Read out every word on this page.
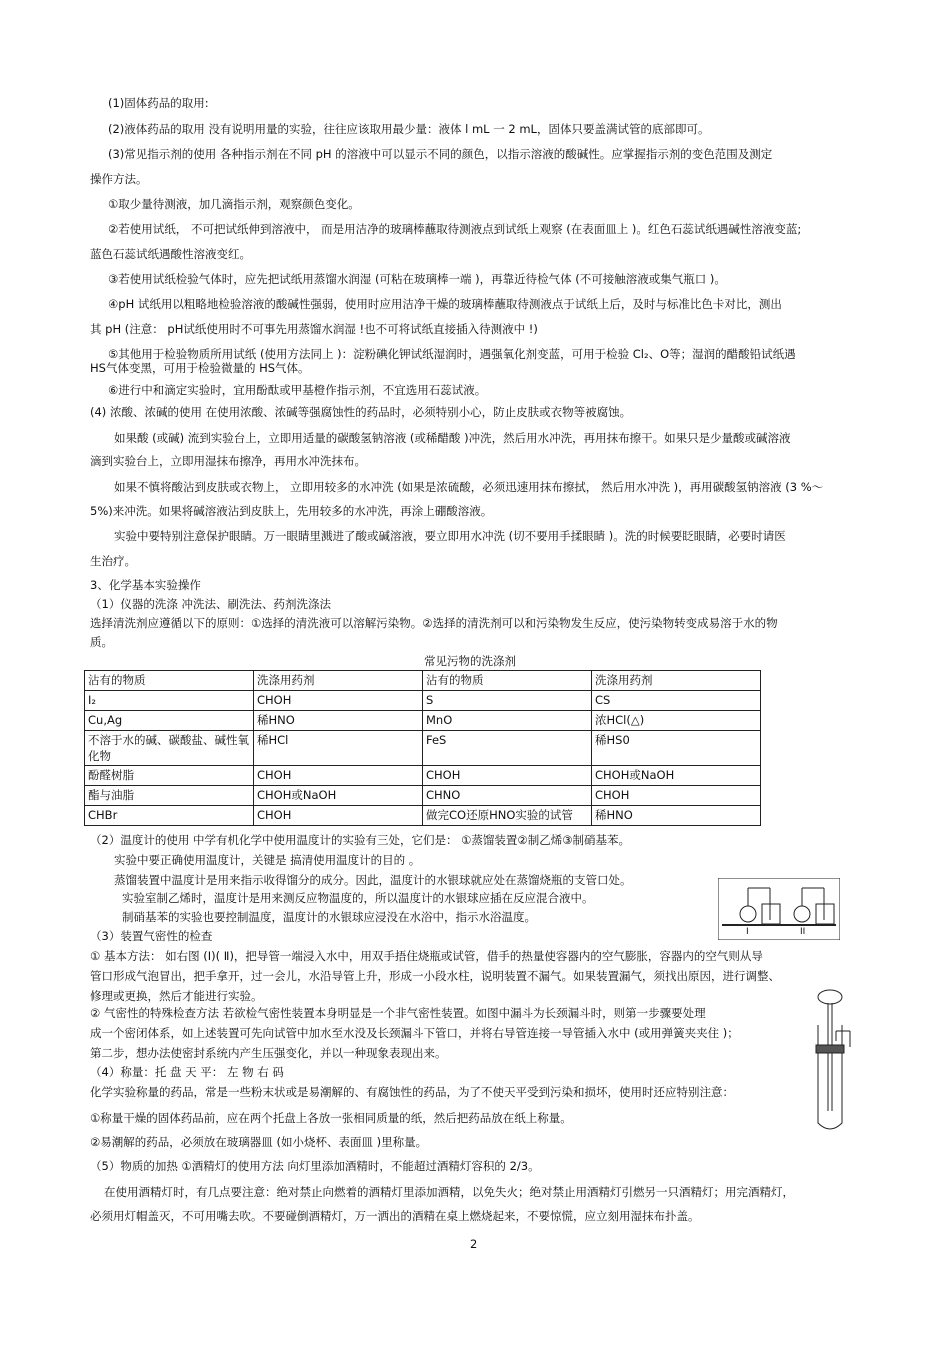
(1)固体药品的取用:
(2)液体药品的取用 没有说明用量的实验，往往应该取用最少量：液体 l mL 一 2 mL，固体只要盖满试管的底部即可。
(3)常见指示剂的使用 各种指示剂在不同 pH 的溶液中可以显示不同的颜色，以指示溶液的酸碱性。应掌握指示剂的变色范围及测定
操作方法。
①取少量待测液，加几滴指示剂，观察颜色变化。
②若使用试纸， 不可把试纸伸到溶液中， 而是用洁净的玻璃棒蘸取待测液点到试纸上观察 (在表面皿上 )。红色石蕊试纸遇碱性溶液变蓝;
蓝色石蕊试纸遇酸性溶液变红。
③若使用试纸检验气体时，应先把试纸用蒸馏水润湿 (可粘在玻璃棒一端 )，再靠近待检气体 (不可接触溶液或集气瓶口 )。
④pH 试纸用以粗略地检验溶液的酸碱性强弱，使用时应用洁净干燥的玻璃棒蘸取待测液点于试纸上后，及时与标准比色卡对比，测出
其 pH (注意： pH试纸使用时不可事先用蒸馏水润湿 !也不可将试纸直接插入待测液中 !)
⑤其他用于检验物质所用试纸 (使用方法同上 )：淀粉碘化钾试纸湿润时，遇强氧化剂变蓝，可用于检验 Cl₂、O等；湿润的醋酸铅试纸遇
HS气体变黑，可用于检验微量的 HS气体。
⑥进行中和滴定实验时，宜用酚酞或甲基橙作指示剂，不宜选用石蕊试液。
(4) 浓酸、浓碱的使用 在使用浓酸、浓碱等强腐蚀性的药品时，必须特别小心，防止皮肤或衣物等被腐蚀。
如果酸 (或碱) 流到实验台上，立即用适量的碳酸氢钠溶液 (或稀醋酸 )冲洗，然后用水冲洗，再用抹布擦干。如果只是少量酸或碱溶液
滴到实验台上，立即用湿抹布擦净，再用水冲洗抹布。
如果不慎将酸沾到皮肤或衣物上， 立即用较多的水冲洗 (如果是浓硫酸，必须迅速用抹布擦拭， 然后用水冲洗 )，再用碳酸氢钠溶液 (3 %～
5%)来冲洗。如果将碱溶液沾到皮肤上，先用较多的水冲洗，再涂上硼酸溶液。
实验中要特别注意保护眼睛。万一眼睛里溅进了酸或碱溶液，要立即用水冲洗 (切不要用手揉眼睛 )。洗的时候要眨眼睛，必要时请医
生治疗。
3、化学基本实验操作
（1）仪器的洗涤 冲洗法、刷洗法、药剂洗涤法
选择清洗剂应遵循以下的原则：①选择的清洗液可以溶解污染物。②选择的清洗剂可以和污染物发生反应，使污染物转变成易溶于水的物
质。
常见污物的洗涤剂
沾有的物质	洗涤用药剂	沾有的物质	洗涤用药剂
I₂	CHOH	S	CS
Cu,Ag	稀HNO	MnO	浓HCl(△)
不溶于水的碱、碳酸盐、碱性氧化物	稀HCl	FeS	稀HS0
酚醛树脂	CHOH	CHOH	CHOH或NaOH
酯与油脂	CHOH或NaOH	CHNO	CHOH
CHBr	CHOH	做完CO还原HNO实验的试管	稀HNO
（2）温度计的使用 中学有机化学中使用温度计的实验有三处，它们是： ①蒸馏装置②制乙烯③制硝基苯。
实验中要正确使用温度计，关键是 搞清使用温度计的目的 。
蒸馏装置中温度计是用来指示收得馏分的成分。因此，温度计的水银球就应处在蒸馏烧瓶的支管口处。
实验室制乙烯时，温度计是用来测反应物温度的，所以温度计的水银球应插在反应混合液中。
制硝基苯的实验也要控制温度，温度计的水银球应浸没在水浴中，指示水浴温度。
（3）装置气密性的检查
① 基本方法： 如右图 (I)( Ⅱ)，把导管一端浸入水中，用双手捂住烧瓶或试管，借手的热量使容器内的空气膨胀，容器内的空气则从导
管口形成气泡冒出，把手拿开，过一会儿，水沿导管上升，形成一小段水柱，说明装置不漏气。如果装置漏气，须找出原因，进行调整、
修理或更换，然后才能进行实验。
② 气密性的特殊检查方法 若欲检气密性装置本身明显是一个非气密性装置。如图中漏斗为长颈漏斗时，则第一步骤要处理
成一个密闭体系，如上述装置可先向试管中加水至水没及长颈漏斗下管口，并将右导管连接一导管插入水中 (或用弹簧夹夹住 )；
第二步，想办法使密封系统内产生压强变化，并以一种现象表现出来。
（4）称量：托 盘 天 平： 左 物 右 码
化学实验称量的药品，常是一些粉末状或是易潮解的、有腐蚀性的药品，为了不使天平受到污染和损坏，使用时还应特别注意：
①称量干燥的固体药品前，应在两个托盘上各放一张相同质量的纸，然后把药品放在纸上称量。
②易潮解的药品，必须放在玻璃器皿 (如小烧杯、表面皿 )里称量。
（5）物质的加热 ①酒精灯的使用方法 向灯里添加酒精时，不能超过酒精灯容积的 2/3。
在使用酒精灯时，有几点要注意：绝对禁止向燃着的酒精灯里添加酒精，以免失火；绝对禁止用酒精灯引燃另一只酒精灯；用完酒精灯，
必须用灯帽盖灭，不可用嘴去吹。不要碰倒酒精灯，万一洒出的酒精在桌上燃烧起来，不要惊慌，应立刻用湿抹布扑盖。
I	II
2
